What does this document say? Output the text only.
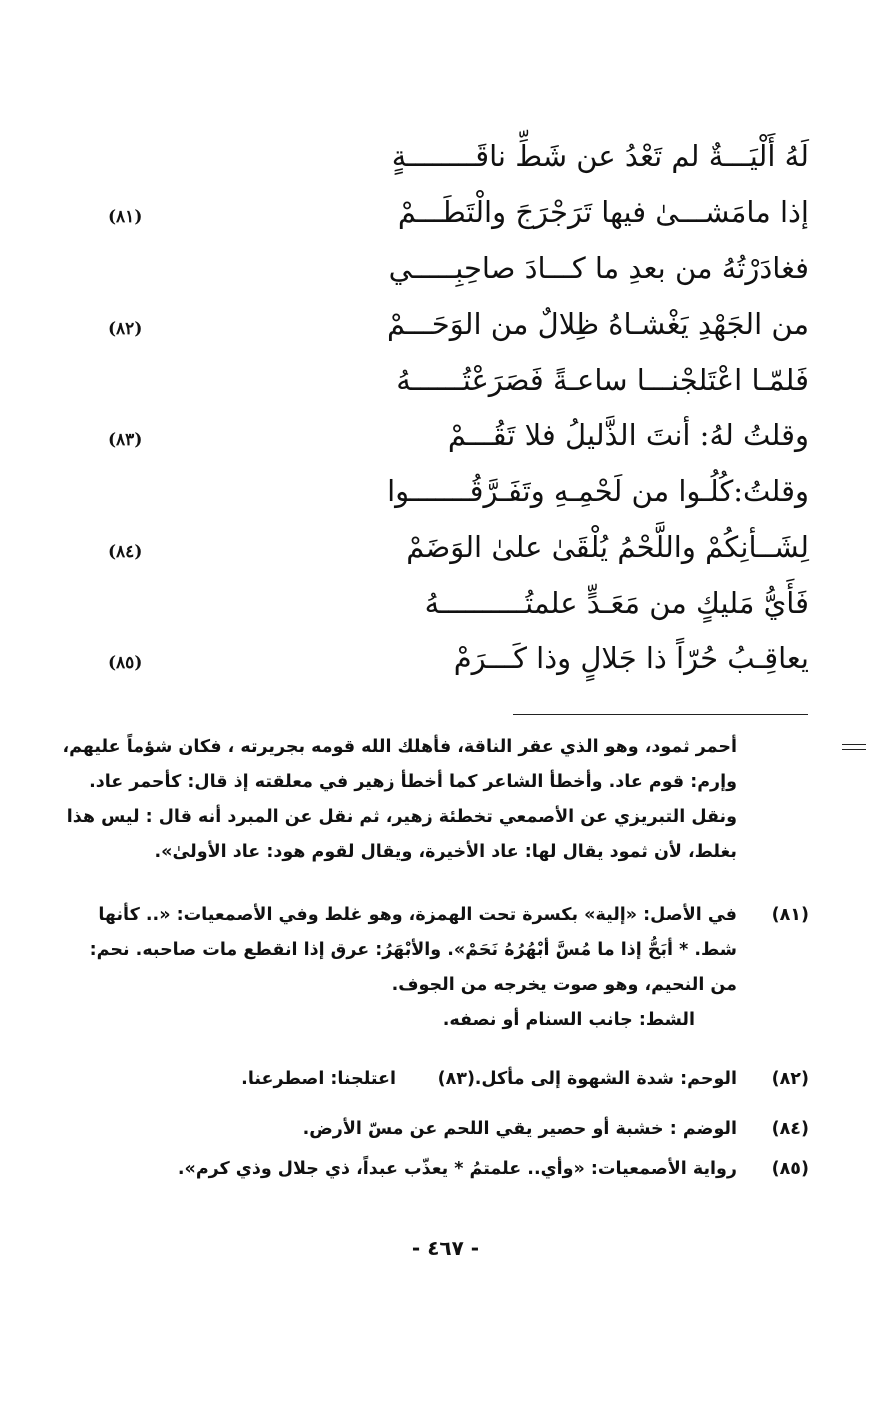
لَهُ أَلْيَـــةٌ لم تَعْدُ عن شَطِّ ناقَــــــــةٍ
إذا مامَشـــىٰ فيها تَرَجْرَجَ والْتَطَـــمْ
(٨١)
فغادَرْتُهُ من بعدِ ما كـــادَ صاحِبِـــــي
من الجَهْدِ يَغْشـاهُ ظِلالٌ من الوَحَـــمْ
(٨٢)
فَلمّـا اعْتَلجْنـــا ساعـةً فَصَرَعْتُــــــهُ
وقلتُ لهُ: أنتَ الذَّليلُ فلا تَقُـــمْ
(٨٣)
وقلتُ:كُلُـوا من لَحْمِـهِ وتَفَـرَّقُـــــــوا
لِشَــأنِكُمْ واللَّحْمُ يُلْقَىٰ علىٰ الوَضَمْ
(٨٤)
فَأَيُّ مَليكٍ من مَعَـدٍّ علمتُــــــــــهُ
يعاقِـبُ حُرّاً ذا جَلالٍ وذا كَـــرَمْ
(٨٥)
أحمر ثمود، وهو الذي عقر الناقة، فأهلك الله قومه بجريرته ، فكان شؤماً عليهم،
وإرم: قوم عاد. وأخطأ الشاعر كما أخطأ زهير في معلقته إذ قال: كأحمر عاد.
ونقل التبريزي عن الأصمعي تخطئة زهير، ثم نقل عن المبرد أنه قال : ليس هذا
بغلط، لأن ثمود يقال لها: عاد الأخيرة، ويقال لقوم هود: عاد الأولىٰ».
(٨١)
في الأصل: «إلية» بكسرة تحت الهمزة، وهو غلط وفي الأصمعيات: «.. كأنها
شط. * أبَحُّ إذا ما مُسَّ أبْهُرُهُ نَحَمْ». والأبْهَرُ: عرق إذا انقطع مات صاحبه. نحم:
من النحيم، وهو صوت يخرجه من الجوف.
الشط: جانب السنام أو نصفه.
(٨٢)
الوحم: شدة الشهوة إلى مأكل.
(٨٣)
اعتلجنا: اصطرعنا.
(٨٤)
الوضم : خشبة أو حصير يقي اللحم عن مسّ الأرض.
(٨٥)
رواية الأصمعيات: «وأي.. علمتمُ * يعذّب عبداً، ذي جلال وذي كرم».
- ٤٦٧ -
